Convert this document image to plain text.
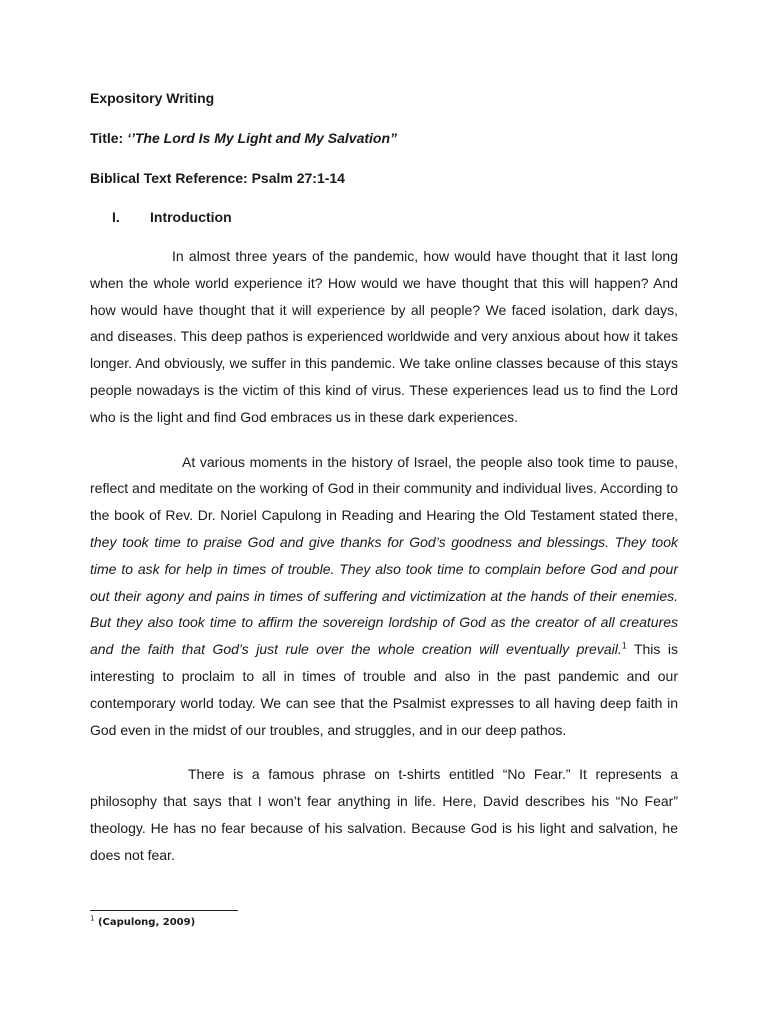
Expository Writing

Title: ‘’The Lord Is My Light and My Salvation”

Biblical Text Reference: Psalm 27:1-14

I.	Introduction

In almost three years of the pandemic, how would have thought that it last long when the whole world experience it? How would we have thought that this will happen? And how would have thought that it will experience by all people? We faced isolation, dark days, and diseases. This deep pathos is experienced worldwide and very anxious about how it takes longer. And obviously, we suffer in this pandemic. We take online classes because of this stays people nowadays is the victim of this kind of virus. These experiences lead us to find the Lord who is the light and find God embraces us in these dark experiences.

At various moments in the history of Israel, the people also took time to pause, reflect and meditate on the working of God in their community and individual lives. According to the book of Rev. Dr. Noriel Capulong in Reading and Hearing the Old Testament stated there, they took time to praise God and give thanks for God’s goodness and blessings. They took time to ask for help in times of trouble. They also took time to complain before God and pour out their agony and pains in times of suffering and victimization at the hands of their enemies. But they also took time to affirm the sovereign lordship of God as the creator of all creatures and the faith that God’s just rule over the whole creation will eventually prevail.$^1$ This is interesting to proclaim to all in times of trouble and also in the past pandemic and our contemporary world today. We can see that the Psalmist expresses to all having deep faith in God even in the midst of our troubles, and struggles, and in our deep pathos.

There is a famous phrase on t-shirts entitled “No Fear.” It represents a philosophy that says that I won’t fear anything in life. Here, David describes his “No Fear” theology. He has no fear because of his salvation. Because God is his light and salvation, he does not fear.

$^1$ (Capulong, 2009)
